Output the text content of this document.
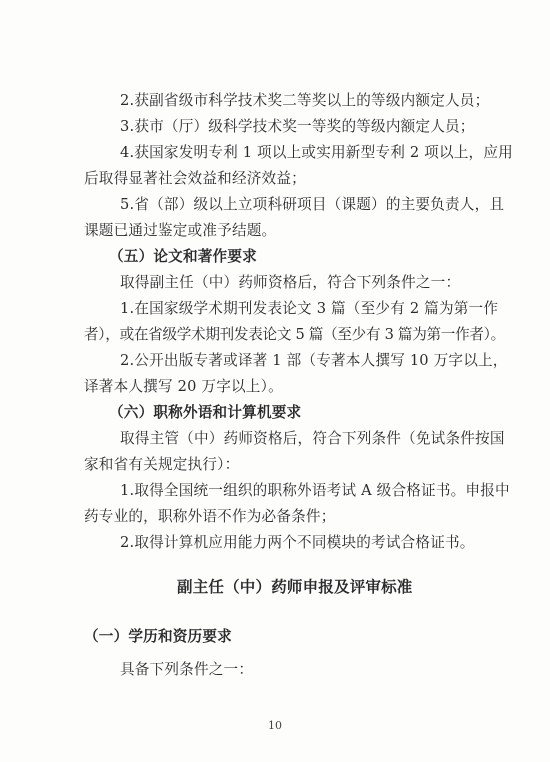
2.获副省级市科学技术奖二等奖以上的等级内额定人员；
3.获市（厅）级科学技术奖一等奖的等级内额定人员；
4.获国家发明专利 1 项以上或实用新型专利 2 项以上，应用
后取得显著社会效益和经济效益；
5.省（部）级以上立项科研项目（课题）的主要负责人，且
课题已通过鉴定或准予结题。
（五）论文和著作要求
取得副主任（中）药师资格后，符合下列条件之一：
1.在国家级学术期刊发表论文 3 篇（至少有 2 篇为第一作
者），或在省级学术期刊发表论文 5 篇（至少有 3 篇为第一作者）。
2.公开出版专著或译著 1 部（专著本人撰写 10 万字以上，
译著本人撰写 20 万字以上）。
（六）职称外语和计算机要求
取得主管（中）药师资格后，符合下列条件（免试条件按国
家和省有关规定执行）：
1.取得全国统一组织的职称外语考试 A 级合格证书。申报中
药专业的，职称外语不作为必备条件；
2.取得计算机应用能力两个不同模块的考试合格证书。
10
副主任（中）药师申报及评审标准
（一）学历和资历要求
具备下列条件之一：
